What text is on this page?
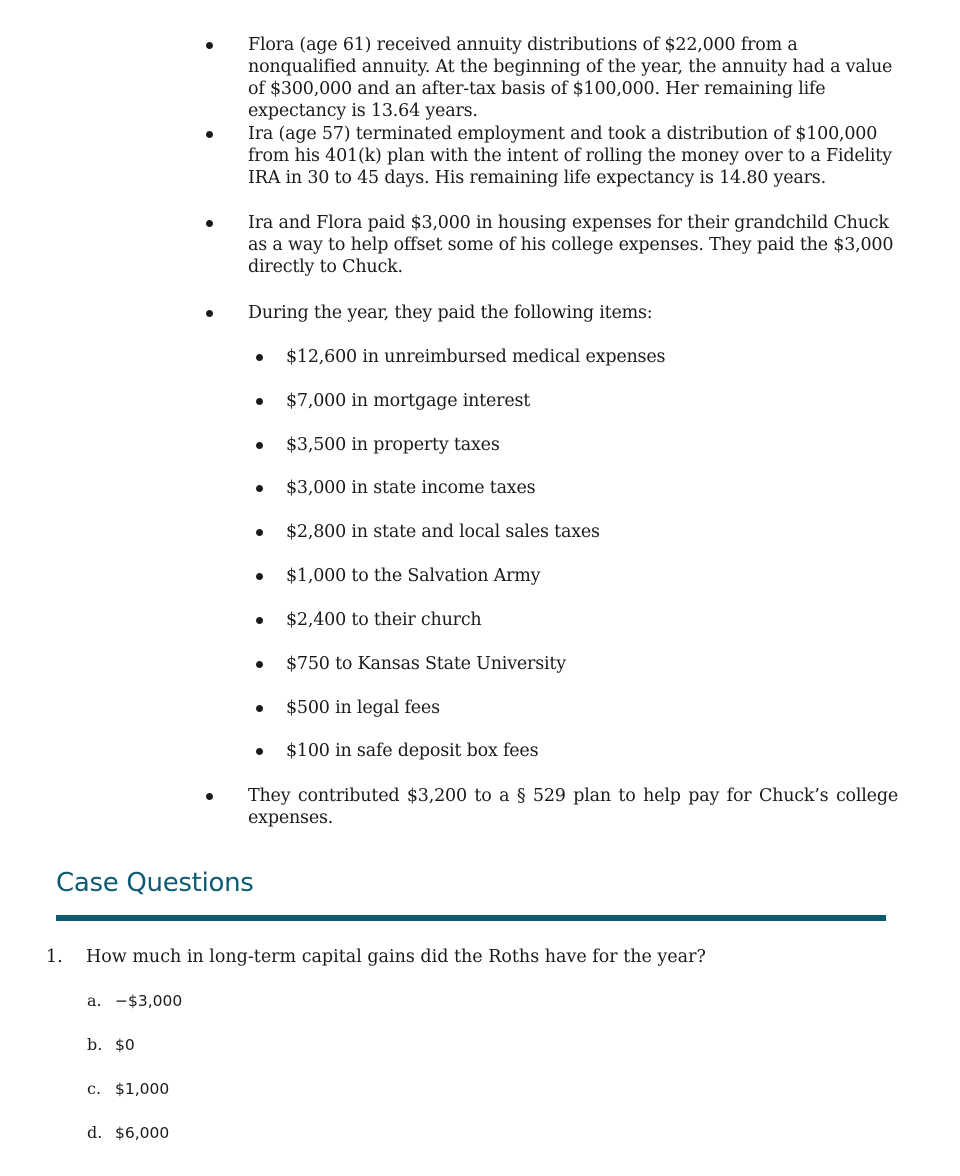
Flora (age 61) received annuity distributions of $22,000 from a nonqualified annuity. At the beginning of the year, the annuity had a value of $300,000 and an after-tax basis of $100,000. Her remaining life expectancy is 13.64 years.
Ira (age 57) terminated employment and took a distribution of $100,000 from his 401(k) plan with the intent of rolling the money over to a Fidelity IRA in 30 to 45 days. His remaining life expectancy is 14.80 years.
Ira and Flora paid $3,000 in housing expenses for their grandchild Chuck as a way to help offset some of his college expenses. They paid the $3,000 directly to Chuck.
During the year, they paid the following items:
$12,600 in unreimbursed medical expenses
$7,000 in mortgage interest
$3,500 in property taxes
$3,000 in state income taxes
$2,800 in state and local sales taxes
$1,000 to the Salvation Army
$2,400 to their church
$750 to Kansas State University
$500 in legal fees
$100 in safe deposit box fees
They contributed $3,200 to a § 529 plan to help pay for Chuck’s college expenses.
Case Questions
1. How much in long-term capital gains did the Roths have for the year?
a. −$3,000
b. $0
c. $1,000
d. $6,000
